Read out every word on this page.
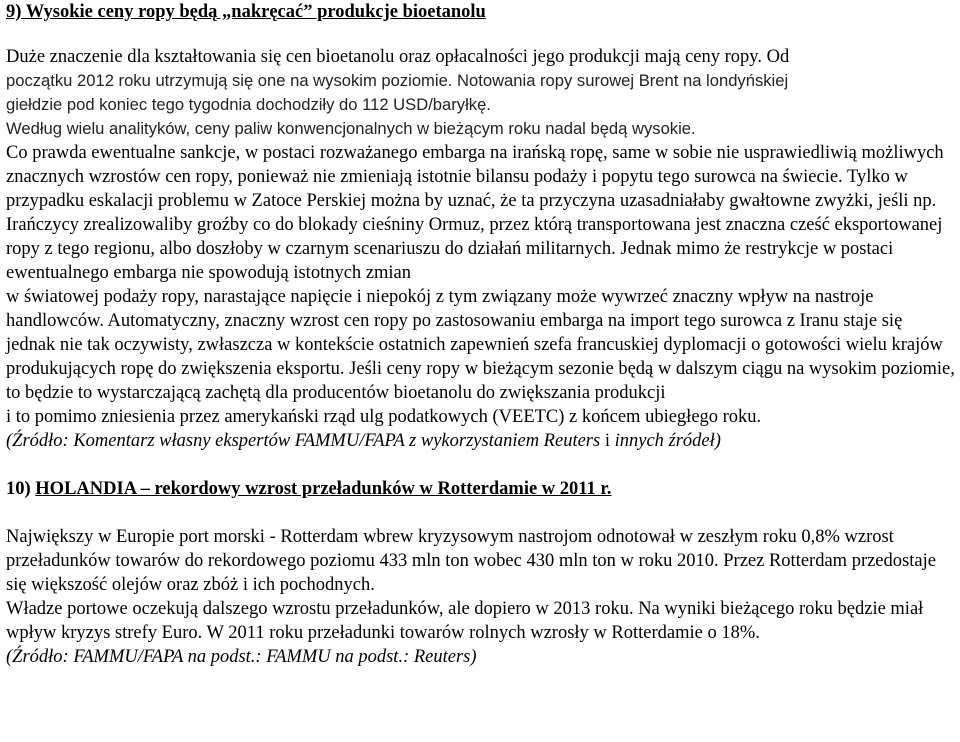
9) Wysokie ceny ropy będą „nakręcać” produkcje bioetanolu

Duże znaczenie dla kształtowania się cen bioetanolu oraz opłacalności jego produkcji mają ceny ropy. Od

początku 2012 roku utrzymują się one na wysokim poziomie. Notowania ropy surowej Brent na londyńskiej
giełdzie pod koniec tego tygodnia dochodziły do 112 USD/baryłkę.
Według wielu analityków, ceny paliw konwencjonalnych w bieżącym roku nadal będą wysokie.

Co prawda ewentualne sankcje, w postaci rozważanego embarga na irańską ropę, same w sobie nie usprawiedliwią możliwych znacznych wzrostów cen ropy, ponieważ nie zmieniają istotnie bilansu podaży i popytu tego surowca na świecie. Tylko w przypadku eskalacji problemu w Zatoce Perskiej można by uznać, że ta przyczyna uzasadniałaby gwałtowne zwyżki, jeśli np. Irańczycy zrealizowaliby groźby co do blokady cieśniny Ormuz, przez którą transportowana jest znaczna cześć eksportowanej ropy z tego regionu, albo doszłoby w czarnym scenariuszu do działań militarnych. Jednak mimo że restrykcje w postaci ewentualnego embarga nie spowodują istotnych zmian

w światowej podaży ropy, narastające napięcie i niepokój z tym związany może wywrzeć znaczny wpływ na nastroje handlowców. Automatyczny, znaczny wzrost cen ropy po zastosowaniu embarga na import tego surowca z Iranu staje się jednak nie tak oczywisty, zwłaszcza w kontekście ostatnich zapewnień szefa francuskiej dyplomacji o gotowości wielu krajów produkujących ropę do zwiększenia eksportu. Jeśli ceny ropy w bieżącym sezonie będą w dalszym ciągu na wysokim poziomie, to będzie to wystarczającą zachętą dla producentów bioetanolu do zwiększania produkcji

i to pomimo zniesienia przez amerykański rząd ulg podatkowych (VEETC) z końcem ubiegłego roku.

(Źródło: Komentarz własny ekspertów FAMMU/FAPA z wykorzystaniem Reuters i innych źródeł)

10) HOLANDIA – rekordowy wzrost przeładunków w Rotterdamie w 2011 r.

Największy w Europie port morski - Rotterdam wbrew kryzysowym nastrojom odnotował w zeszłym roku 0,8% wzrost przeładunków towarów do rekordowego poziomu 433 mln ton wobec 430 mln ton w roku 2010. Przez Rotterdam przedostaje się większość olejów oraz zbóż i ich pochodnych.

Władze portowe oczekują dalszego wzrostu przeładunków, ale dopiero w 2013 roku. Na wyniki bieżącego roku będzie miał wpływ kryzys strefy Euro. W 2011 roku przeładunki towarów rolnych wzrosły w Rotterdamie o 18%.

(Źródło: FAMMU/FAPA na podst.: FAMMU na podst.: Reuters)
